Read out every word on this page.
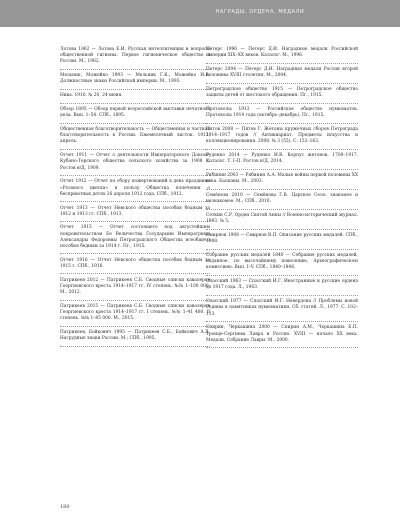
НАГРАДЫ, ОРДЕНА, МЕДАЛИ

Лотова 1962 — Лотова Е.И. Русская интеллигенция и вопросы общественной гигиены. Первое гигиеническое общество в России. М., 1962.

Мельник, Можейко 1993 — Мельник Г.К., Можейко И.В. Должностные знаки Российской империи. М., 1993.

Нива. 1910. № 20, 24 июня.

Обзор 1895 — Обзор первой всероссийской выставки печатного дела. Вып. 1–54. СПб., 1895.

Общественная благотворительность — Общественная и частная благотворительность в России. Ежемесячный листок. 1912, апрель.

Отчет 1911 — Отчет о деятельности Императорского Донско-Кубано-Терского общества сельского хозяйства за 1908 г. Ростов н/Д, 1909.

Отчет 1912 — Отчет по сбору пожертвований в день праздника «Розового цветка» в пользу Общества попечения о бесприютных детях 26 апреля 1912 года. СПб., 1912.

Отчет 1913 — Отчет Невского общества пособия бедным за 1912 и 1913 гг. СПб., 1913.

Отчет 1915 — Отчет состоящего под августейшим покровительством Ее Величества Государыни Императрицы Александры Федоровны Петроградского Общества всеобщего пособия бедным за 1914 г. Пг., 1915.

Отчет 1916 — Отчет Невского общества пособия бедным за 1915 г. СПб., 1916.

Патрикеев 2012 — Патрикеев С.Б. Сводные списки кавалеров Георгиевского креста 1914–1917 гг. IV степень. №№ 1–100 000. М., 2012.

Патрикеев 2015 — Патрикеев С.Б. Сводные списки кавалеров Георгиевского креста 1914–1917 гг. I степень. №№ 1–41 480. II степень. №№ 1–85 000. М., 2015.

Патрикеев, Бойкович 1995 — Патрикеев С.Б., Бойкович А.Д. Нагрудные знаки России. М.; СПб., 1995.

Петерс 1996 — Петерс Д.И. Наградные медали Российской империи XIX–XX веков. Каталог. М., 1996.

Петерс 2004 — Петерс Д.И. Наградные медали России второй половины XVIII столетия. М., 2004.

Петроградское общество 1915 — Петроградское общество защиты детей от жестокого обращения. Пг., 1915.

Протоколы 1913 — Российское общество нумизматов. Протоколы 1914 года (октябрь–декабрь). Пг., 1915.

Пятов 2008 — Пятов Г. Жетоны кружечных сборов Петрограда 1914–1917 годов // Антиквариат. Предметы искусства и коллекционирования. 2008. № 3 (55). С. 152–163.

Руденко 2014 — Руденко И.В. Корпус жетонов. 1700–1917. Каталог. Т. I–II. Ростов н/Д, 2014.

Рябинин 2003 — Рябинин А.А. Малые войны первой половины XX века. Балканы. М., 2003.

Семёнова 2010 — Семёнова Г.В. Царское Село: знакомое и незнакомое. М.; СПб., 2010.

Сеткин С.Р. Орден Святой Анны // Военно-исторический журнал. 1993. № 5.

Смирнов 1908 — Смирнов В.П. Описание русских медалей. СПб., 1908.

Собрание русских медалей 1840 — Собрание русских медалей, изданное, по высочайшему повелению, Археографическою комиссиею. Вып. I–V. СПб., 1840–1846.

Спасский 1963 — Спасский И.Г. Иностранные и русские ордена до 1917 года. Л., 1963.

Спасский 1977 — Спасский И.Г. Невердона // Проблемы новой Родины в памятниках нумизматики. Сб. статей. Л., 1977. С. 102–113.

Спирин, Черкашина 2000 — Спирин А.М., Черкашина Е.П. Троице-Сергиева Лавра и Россия. XVIII — начало XX века. Медали. Собрание Лавры. М., 2000.

180
